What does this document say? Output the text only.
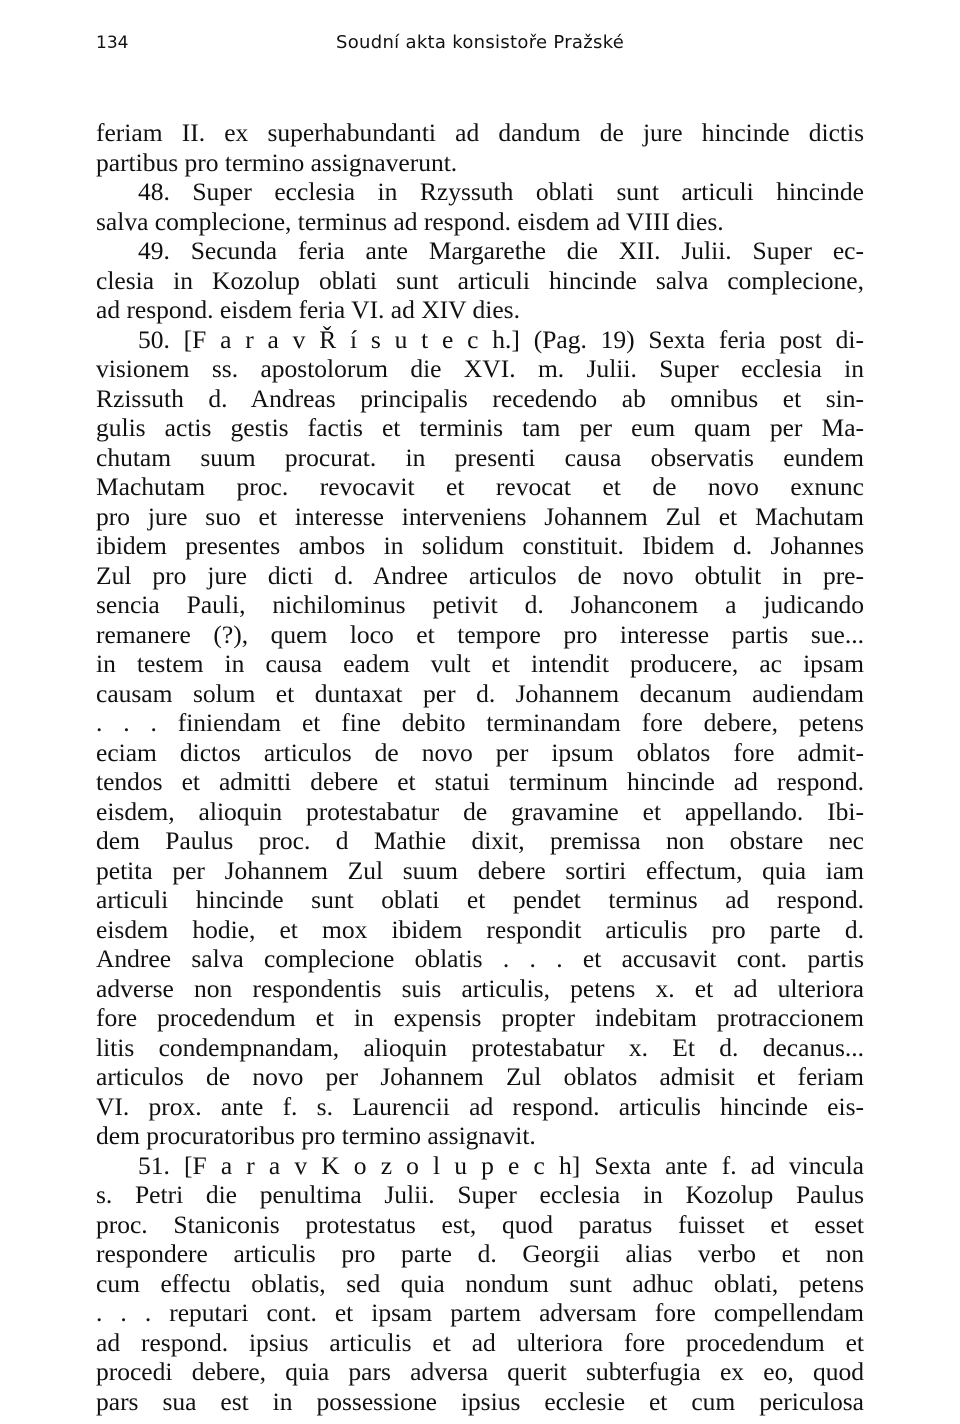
134	Soudní akta konsistoře Pražské
feriam II. ex superhabundanti ad dandum de jure hincinde dictis
partibus pro termino assignaverunt.
48. Super ecclesia in Rzyssuth oblati sunt articuli hincinde
salva complecione, terminus ad respond. eisdem ad VIII dies.
49. Secunda feria ante Margarethe die XII. Julii. Super ec-
clesia in Kozolup oblati sunt articuli hincinde salva complecione,
ad respond. eisdem feria VI. ad XIV dies.
50. [F a r a v Ř í s u t e c h.] (Pag. 19) Sexta feria post di-
visionem ss. apostolorum die XVI. m. Julii. Super ecclesia in
Rzissuth d. Andreas principalis recedendo ab omnibus et sin-
gulis actis gestis factis et terminis tam per eum quam per Ma-
chutam suum procurat. in presenti causa observatis eundem
Machutam proc. revocavit et revocat et de novo exnunc
pro jure suo et interesse interveniens Johannem Zul et Machutam
ibidem presentes ambos in solidum constituit. Ibidem d. Johannes
Zul pro jure dicti d. Andree articulos de novo obtulit in pre-
sencia Pauli, nichilominus petivit d. Johanconem a judicando
remanere (?), quem loco et tempore pro interesse partis sue...
in testem in causa eadem vult et intendit producere, ac ipsam
causam solum et duntaxat per d. Johannem decanum audiendam
. . . finiendam et fine debito terminandam fore debere, petens
eciam dictos articulos de novo per ipsum oblatos fore admit-
tendos et admitti debere et statui terminum hincinde ad respond.
eisdem, alioquin protestabatur de gravamine et appellando. Ibi-
dem Paulus proc. d Mathie dixit, premissa non obstare nec
petita per Johannem Zul suum debere sortiri effectum, quia iam
articuli hincinde sunt oblati et pendet terminus ad respond.
eisdem hodie, et mox ibidem respondit articulis pro parte d.
Andree salva complecione oblatis . . . et accusavit cont. partis
adverse non respondentis suis articulis, petens x. et ad ulteriora
fore procedendum et in expensis propter indebitam protraccionem
litis condempnandam, alioquin protestabatur x. Et d. decanus...
articulos de novo per Johannem Zul oblatos admisit et feriam
VI. prox. ante f. s. Laurencii ad respond. articulis hincinde eis-
dem procuratoribus pro termino assignavit.
51. [F a r a v K o z o l u p e c h] Sexta ante f. ad vincula
s. Petri die penultima Julii. Super ecclesia in Kozolup Paulus
proc. Staniconis protestatus est, quod paratus fuisset et esset
respondere articulis pro parte d. Georgii alias verbo et non
cum effectu oblatis, sed quia nondum sunt adhuc oblati, petens
. . . reputari cont. et ipsam partem adversam fore compellendam
ad respond. ipsius articulis et ad ulteriora fore procedendum et
procedi debere, quia pars adversa querit subterfugia ex eo, quod
pars sua est in possessione ipsius ecclesie et cum periculosa
